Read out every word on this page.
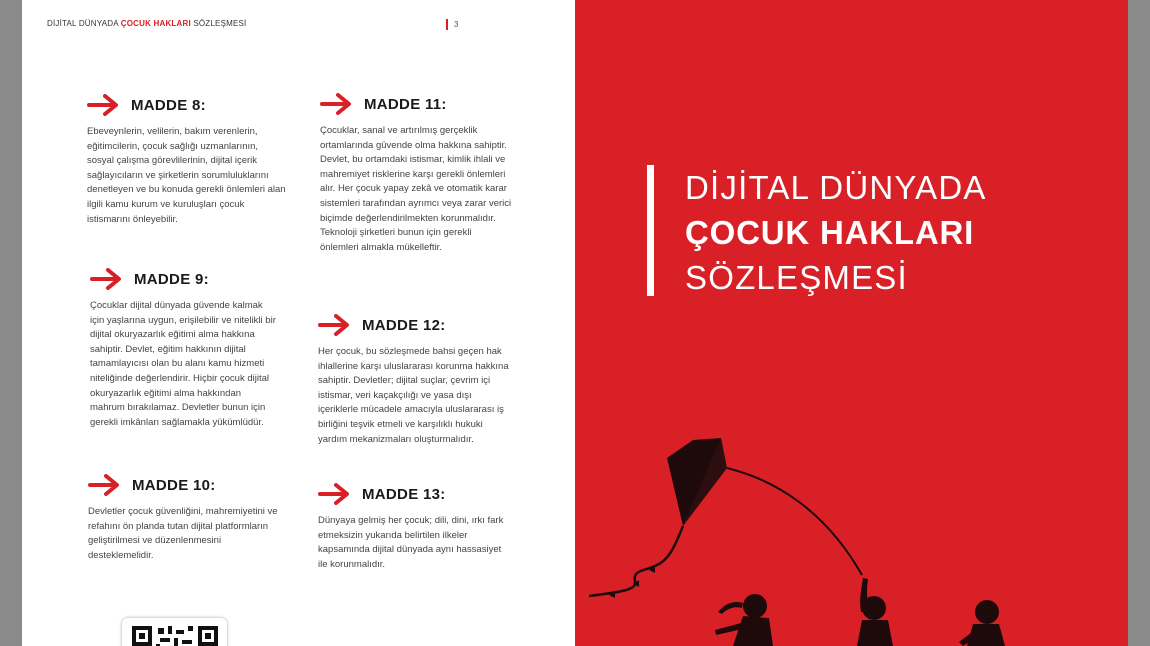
DİJİTAL DÜNYADA ÇOCUK HAKLARI SÖZLEŞMESİ	3
MADDE 8:
Ebeveynlerin, velilerin, bakım verenlerin, eğitimcilerin, çocuk sağlığı uzmanlarının, sosyal çalışma görevlilerinin, dijital içerik sağlayıcıların ve şirketlerin sorumluluklarını denetleyen ve bu konuda gerekli önlemleri alan ilgili kamu kurum ve kuruluşları çocuk istismarını önleyebilir.
MADDE 9:
Çocuklar dijital dünyada güvende kalmak için yaşlarına uygun, erişilebilir ve nitelikli bir dijital okuryazarlık eğitimi alma hakkına sahiptir. Devlet, eğitim hakkının dijital tamamlayıcısı olan bu alanı kamu hizmeti niteliğinde değerlendirir. Hiçbir çocuk dijital okuryazarlık eğitimi alma hakkından mahrum bırakılamaz. Devletler bunun için gerekli imkânları sağlamakla yükümlüdür.
MADDE 10:
Devletler çocuk güvenliğini, mahremiyetini ve refahını ön planda tutan dijital platformların geliştirilmesi ve düzenlenmesini desteklemelidir.
MADDE 11:
Çocuklar, sanal ve artırılmış gerçeklik ortamlarında güvende olma hakkına sahiptir. Devlet, bu ortamdaki istismar, kimlik ihlali ve mahremiyet risklerine karşı gerekli önlemleri alır. Her çocuk yapay zekâ ve otomatik karar sistemleri tarafından ayrımcı veya zarar verici biçimde değerlendirilmekten korunmalıdır. Teknoloji şirketleri bunun için gerekli önlemleri almakla mükelleftir.
MADDE 12:
Her çocuk, bu sözleşmede bahsi geçen hak ihlallerine karşı uluslararası korunma hakkına sahiptir. Devletler; dijital suçlar, çevrim içi istismar, veri kaçakçılığı ve yasa dışı içeriklerle mücadele amacıyla uluslararası iş birliğini teşvik etmeli ve karşılıklı hukuki yardım mekanizmaları oluşturmalıdır.
MADDE 13:
Dünyaya gelmiş her çocuk; dili, dini, ırkı fark etmeksizin yukarıda belirtilen ilkeler kapsamında dijital dünyada aynı hassasiyet ile korunmalıdır.
DİJİTAL DÜNYADA
ÇOCUK HAKLARI
SÖZLEŞMESİ
